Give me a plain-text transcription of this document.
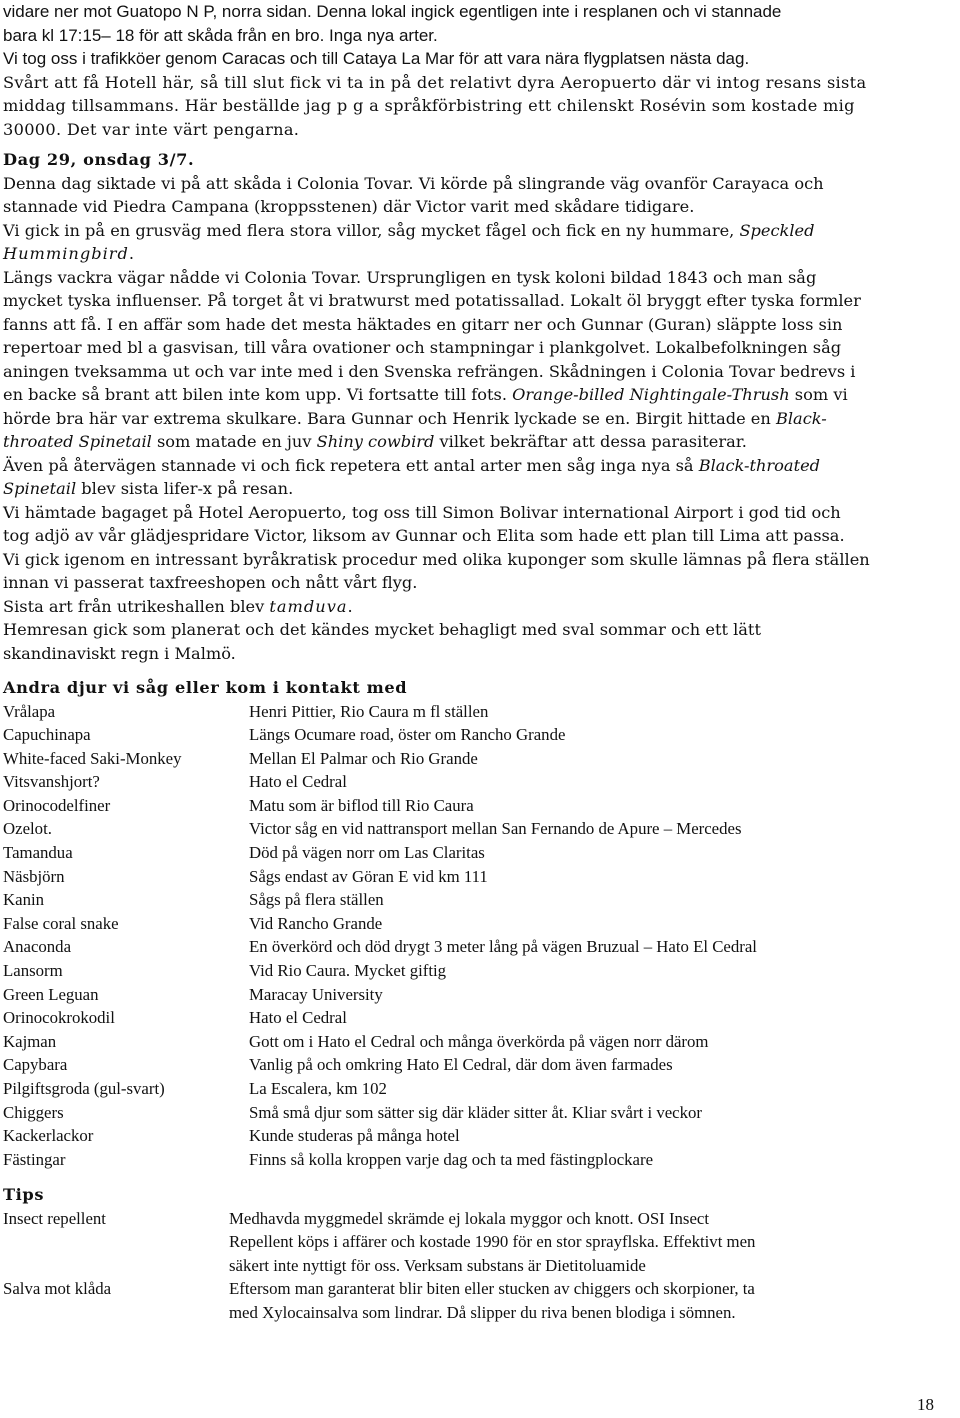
vidare ner mot Guatopo N P, norra sidan. Denna lokal ingick egentligen inte i resplanen och vi stannade
bara kl 17:15– 18 för att skåda från en bro. Inga nya arter.
Vi tog oss i trafikköer genom Caracas och till Cataya La Mar för att vara nära flygplatsen nästa dag.
Svårt att få Hotell här, så till slut fick vi ta in på det relativt dyra Aeropuerto där vi intog resans sista
middag tillsammans. Här beställde jag p g a språkförbistring ett chilenskt Rosévin som kostade mig
30000. Det var inte värt pengarna.
Dag 29, onsdag 3/7.
Denna dag siktade vi på att skåda i Colonia Tovar. Vi körde på slingrande väg ovanför Carayaca och
stannade vid Piedra Campana (kroppsstenen) där Victor varit med skådare tidigare.
Vi gick in på en grusväg med flera stora villor, såg mycket fågel och fick en ny hummare, Speckled
Hummingbird.
Längs vackra vägar nådde vi Colonia Tovar. Ursprungligen en tysk koloni bildad 1843 och man såg
mycket tyska influenser. På torget åt vi bratwurst med potatissallad. Lokalt öl bryggt efter tyska formler
fanns att få. I en affär som hade det mesta häktades en gitarr ner och Gunnar (Guran) släppte loss sin
repertoar med bl a gasvisan, till våra ovationer och stampningar i plankgolvet. Lokalbefolkningen såg
aningen tveksamma ut och var inte med i den Svenska refrängen. Skådningen i Colonia Tovar bedrevs i
en backe så brant att bilen inte kom upp. Vi fortsatte till fots. Orange-billed Nightingale-Thrush som vi
hörde bra här var extrema skulkare. Bara Gunnar och Henrik lyckade se en. Birgit hittade en Black-
throated Spinetail som matade en juv Shiny cowbird vilket bekräftar att dessa parasiterar.
Även på återvägen stannade vi och fick repetera ett antal arter men såg inga nya så Black-throated
Spinetail blev sista lifer-x på resan.
Vi hämtade bagaget på Hotel Aeropuerto, tog oss till Simon Bolivar international Airport i god tid och
tog adjö av vår glädjespridare Victor, liksom av Gunnar och Elita som hade ett plan till Lima att passa.
Vi gick igenom en intressant byråkratisk procedur med olika kuponger som skulle lämnas på flera ställen
innan vi passerat taxfreeshopen och nått vårt flyg.
Sista art från utrikeshallen blev tamduva.
Hemresan gick som planerat och det kändes mycket behagligt med sval sommar och ett lätt
skandinaviskt regn i Malmö.
Andra djur vi såg eller kom i kontakt med
Vrålapa	Henri Pittier, Rio Caura m fl ställen
Capuchinapa	Längs Ocumare road, öster om Rancho Grande
White-faced Saki-Monkey	Mellan El Palmar och Rio Grande
Vitsvanshjort?	Hato el Cedral
Orinocodelfiner	Matu som är biflod till Rio Caura
Ozelot.	Victor såg en vid nattransport mellan San Fernando de Apure – Mercedes
Tamandua	Död på vägen norr om Las Claritas
Näsbjörn	Sågs endast av Göran E vid km 111
Kanin	Sågs på flera ställen
False coral snake	Vid Rancho Grande
Anaconda	En överkörd och död drygt 3 meter lång på vägen Bruzual – Hato El Cedral
Lansorm	Vid Rio Caura. Mycket giftig
Green Leguan	Maracay University
Orinocokrokodil	Hato el Cedral
Kajman	Gott om i Hato el Cedral och många överkörda på vägen norr därom
Capybara	Vanlig på och omkring Hato El Cedral, där dom även farmades
Pilgiftsgroda (gul-svart)	La Escalera, km 102
Chiggers	Små små djur som sätter sig där kläder sitter åt. Kliar svårt i veckor
Kackerlackor	Kunde studeras på många hotel
Fästingar	Finns så kolla kroppen varje dag och ta med fästingplockare
Tips
Insect repellent	Medhavda myggmedel skrämde ej lokala myggor och knott. OSI Insect
Repellent köps i affärer och kostade 1990 för en stor sprayflska. Effektivt men
säkert inte nyttigt för oss. Verksam substans är Dietitoluamide
Salva mot klåda	Eftersom man garanterat blir biten eller stucken av chiggers och skorpioner, ta
med Xylocainsalva som lindrar. Då slipper du riva benen blodiga i sömnen.
18
